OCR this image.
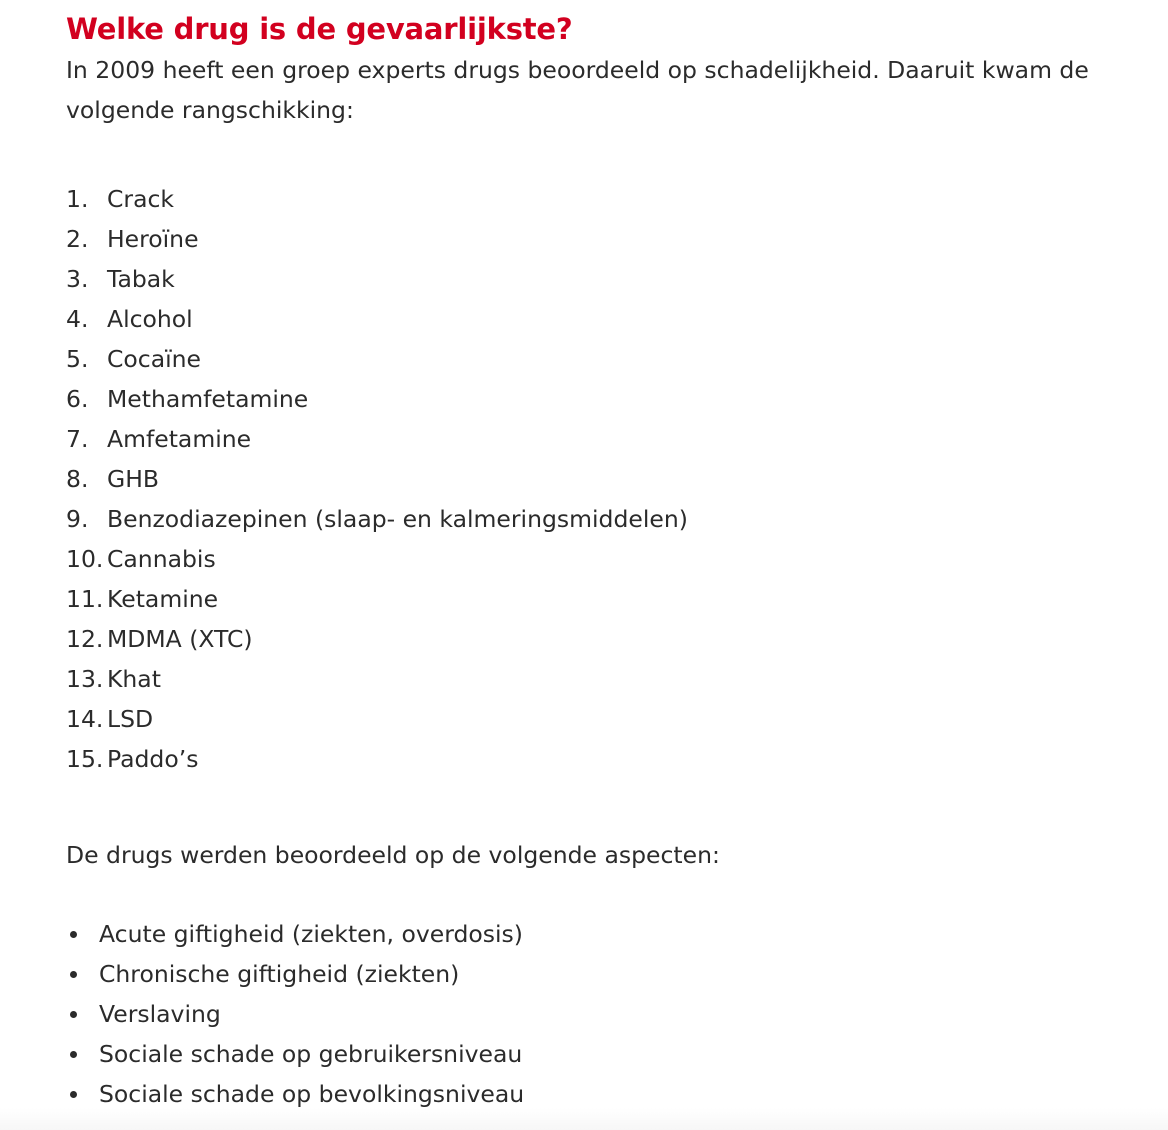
Welke drug is de gevaarlijkste?

In 2009 heeft een groep experts drugs beoordeeld op schadelijkheid. Daaruit kwam de volgende rangschikking:

1. Crack
2. Heroïne
3. Tabak
4. Alcohol
5. Cocaïne
6. Methamfetamine
7. Amfetamine
8. GHB
9. Benzodiazepinen (slaap- en kalmeringsmiddelen)
10. Cannabis
11. Ketamine
12. MDMA (XTC)
13. Khat
14. LSD
15. Paddo’s

De drugs werden beoordeeld op de volgende aspecten:

Acute giftigheid (ziekten, overdosis)
Chronische giftigheid (ziekten)
Verslaving
Sociale schade op gebruikersniveau
Sociale schade op bevolkingsniveau
